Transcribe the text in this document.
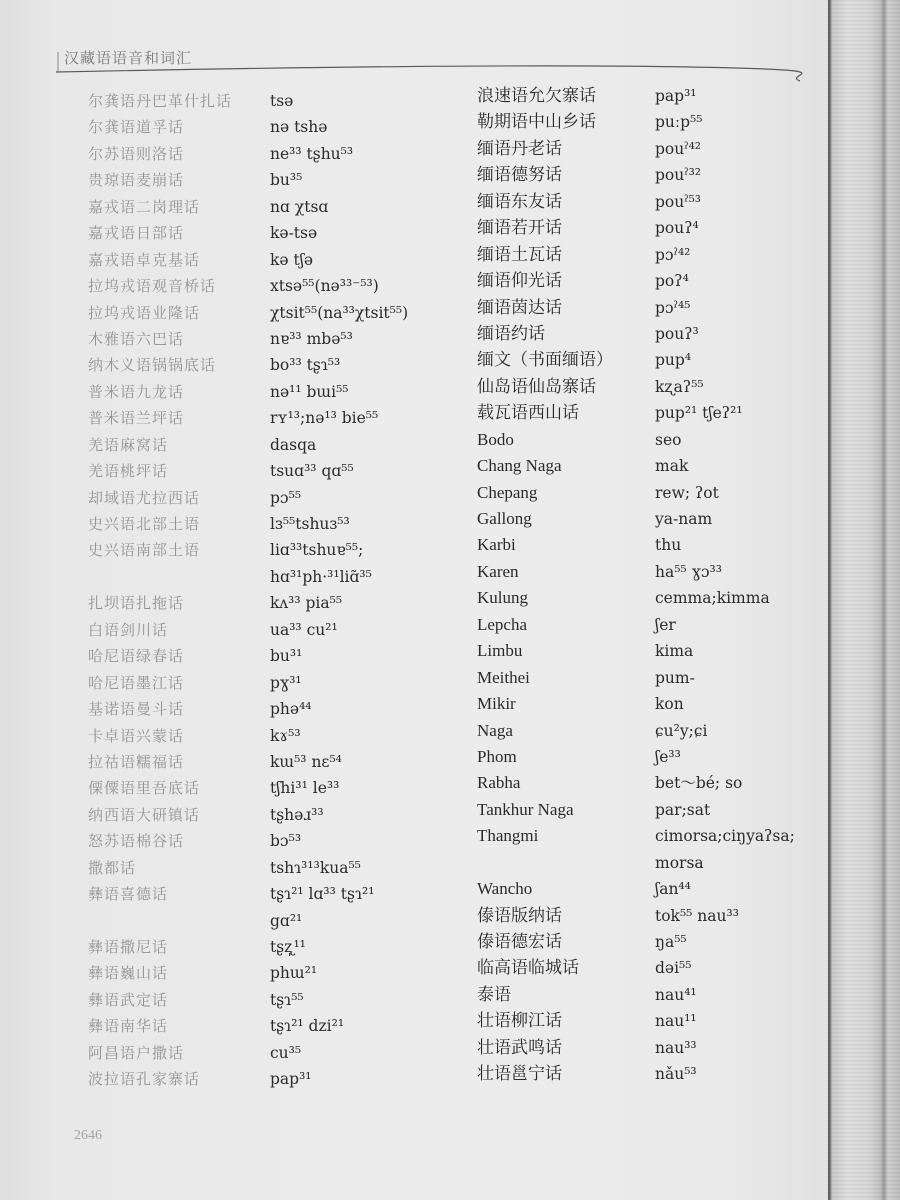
汉藏语语音和词汇
尔龚语丹巴革什扎话	tsə
尔龚语道孚话	nə tshə
尔苏语则洛话	ne³³ tʂhu⁵³
贵琼语麦崩话	bu³⁵
嘉戎语二岗理话	nɑ χtsɑ
嘉戎语日部话	kə-tsə
嘉戎语卓克基话	kə tʃə
拉坞戎语观音桥话	xtsə⁵⁵(nə³³⁻⁵³)
拉坞戎语业隆话	χtsit⁵⁵(na³³χtsit⁵⁵)
木雅语六巴话	nɐ³³ mbə⁵³
纳木义语锅锅底话	bo³³ tʂɿ⁵³
普米语九龙话	nə¹¹ bɯi⁵⁵
普米语兰坪话	rʏ¹³;nə¹³ bie⁵⁵
羌语麻窝话	dasqa
羌语桃坪话	tsuɑ³³ qɑ⁵⁵
却域语尤拉西话	pɔ⁵⁵
史兴语北部土语	lɜ⁵⁵tshuɜ⁵³
史兴语南部土语	liɑ³³tshuɐ⁵⁵;
hɑ³¹ph·³¹liɑ̃³⁵
扎坝语扎拖话	kʌ³³ pia⁵⁵
白语剑川话	ua³³ cu²¹
哈尼语绿春话	bu³¹
哈尼语墨江话	pɣ³¹
基诺语曼斗话	phə⁴⁴
卡卓语兴蒙话	kɤ⁵³
拉祜语糯福话	kɯ⁵³ nɛ⁵⁴
傈僳语里吾底话	tʃhi³¹ le³³
纳西语大研镇话	tʂhəɹ³³
怒苏语棉谷话	bɔ⁵³
撒都话	tshɿ³¹³kua⁵⁵
彝语喜德话	tʂɿ²¹ lɑ³³ tʂɿ²¹
gɑ²¹
彝语撒尼话	tʂʐ̩¹¹
彝语巍山话	phɯ²¹
彝语武定话	tʂɿ⁵⁵
彝语南华话	tʂɿ²¹ dzi²¹
阿昌语户撒话	cu³⁵
波拉语孔家寨话	pap³¹
浪速语允欠寨话	pap³¹
勒期语中山乡话	puːp⁵⁵
缅语丹老话	pouˀ⁴²
缅语德努话	pouˀ³²
缅语东友话	pouˀ⁵³
缅语若开话	pouʔ⁴
缅语土瓦话	pɔˀ⁴²
缅语仰光话	poʔ⁴
缅语茵达话	pɔˀ⁴⁵
缅语约话	pouʔ³
缅文（书面缅语）	pup⁴
仙岛语仙岛寨话	kʐaʔ⁵⁵
载瓦语西山话	pup²¹ tʃeʔ²¹
Bodo	seo
Chang Naga	mak
Chepang	rew; ʔot
Gallong	ya-nam
Karbi	thu
Karen	ha⁵⁵ ɣɔ³³
Kulung	cemma;kimma
Lepcha	ʃer
Limbu	kima
Meithei	pum-
Mikir	kon
Naga	ɕu²y;ɕi
Phom	ʃe³³
Rabha	bet～bé; so
Tankhur Naga	par;sat
Thangmi	cimorsa;ciŋyaʔsa;
morsa
Wancho	ʃan⁴⁴
傣语版纳话	tok⁵⁵ nau³³
傣语德宏话	ŋa⁵⁵
临高语临城话	dəi⁵⁵
泰语	nau⁴¹
壮语柳江话	nau¹¹
壮语武鸣话	nau³³
壮语邕宁话	nǎu⁵³
2646
